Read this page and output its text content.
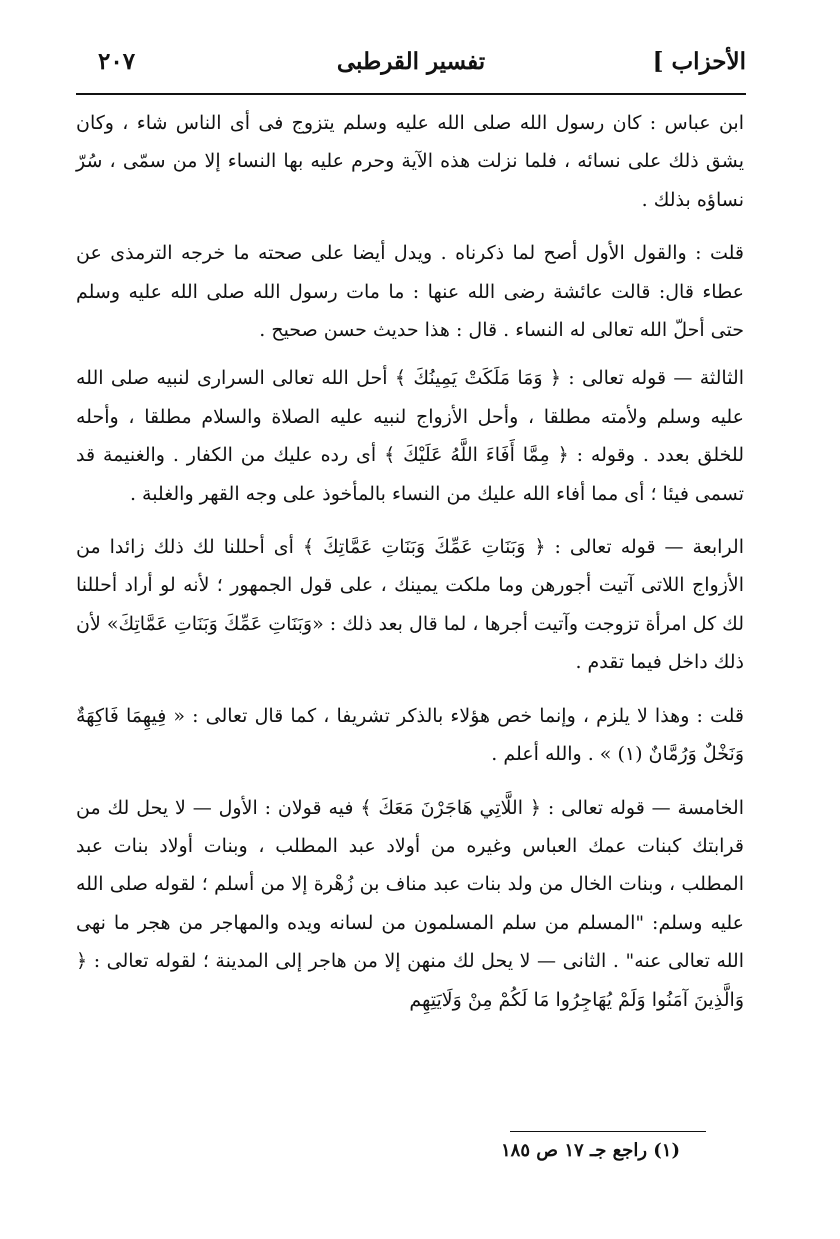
الأحزاب ]
تفسير القرطبى
٢٠٧

ابن عباس : كان رسول الله صلى الله عليه وسلم يتزوج فى أى الناس شاء ، وكان يشق ذلك على نسائه ، فلما نزلت هذه الآية وحرم عليه بها النساء إلا من سمّى ، سُرّ نساؤه بذلك .

قلت : والقول الأول أصح لما ذكرناه . ويدل أيضا على صحته ما خرجه الترمذى عن عطاء قال: قالت عائشة رضى الله عنها : ما مات رسول الله صلى الله عليه وسلم حتى أحلّ الله تعالى له النساء . قال : هذا حديث حسن صحيح .

الثالثة — قوله تعالى : ﴿ وَمَا مَلَكَتْ يَمِينُكَ ﴾ أحل الله تعالى السرارى لنبيه صلى الله عليه وسلم ولأمته مطلقا ، وأحل الأزواج لنبيه عليه الصلاة والسلام مطلقا ، وأحله للخلق بعدد . وقوله : ﴿ مِمَّا أَفَاءَ اللَّهُ عَلَيْكَ ﴾ أى رده عليك من الكفار . والغنيمة قد تسمى فيئا ؛ أى مما أفاء الله عليك من النساء بالمأخوذ على وجه القهر والغلبة .

الرابعة — قوله تعالى : ﴿ وَبَنَاتِ عَمِّكَ وَبَنَاتِ عَمَّاتِكَ ﴾ أى أحللنا لك ذلك زائدا من الأزواج اللاتى آتيت أجورهن وما ملكت يمينك ، على قول الجمهور ؛ لأنه لو أراد أحللنا لك كل امرأة تزوجت وآتيت أجرها ، لما قال بعد ذلك : «وَبَنَاتِ عَمِّكَ وَبَنَاتِ عَمَّاتِكَ» لأن ذلك داخل فيما تقدم .

قلت : وهذا لا يلزم ، وإنما خص هؤلاء بالذكر تشريفا ، كما قال تعالى : « فِيهِمَا فَاكِهَةٌ وَنَخْلٌ وَرُمَّانٌ (١) » . والله أعلم .

الخامسة — قوله تعالى : ﴿ اللَّاتِي هَاجَرْنَ مَعَكَ ﴾ فيه قولان : الأول — لا يحل لك من قرابتك كبنات عمك العباس وغيره من أولاد عبد المطلب ، وبنات أولاد بنات عبد المطلب ، وبنات الخال من ولد بنات عبد مناف بن زُهْرة إلا من أسلم ؛ لقوله صلى الله عليه وسلم: "المسلم من سلم المسلمون من لسانه ويده والمهاجر من هجر ما نهى الله تعالى عنه" . الثانى — لا يحل لك منهن إلا من هاجر إلى المدينة ؛ لقوله تعالى : ﴿ وَالَّذِينَ آمَنُوا وَلَمْ يُهَاجِرُوا مَا لَكُمْ مِنْ وَلَايَتِهِم

(١) راجع جـ ١٧ ص ١٨٥
